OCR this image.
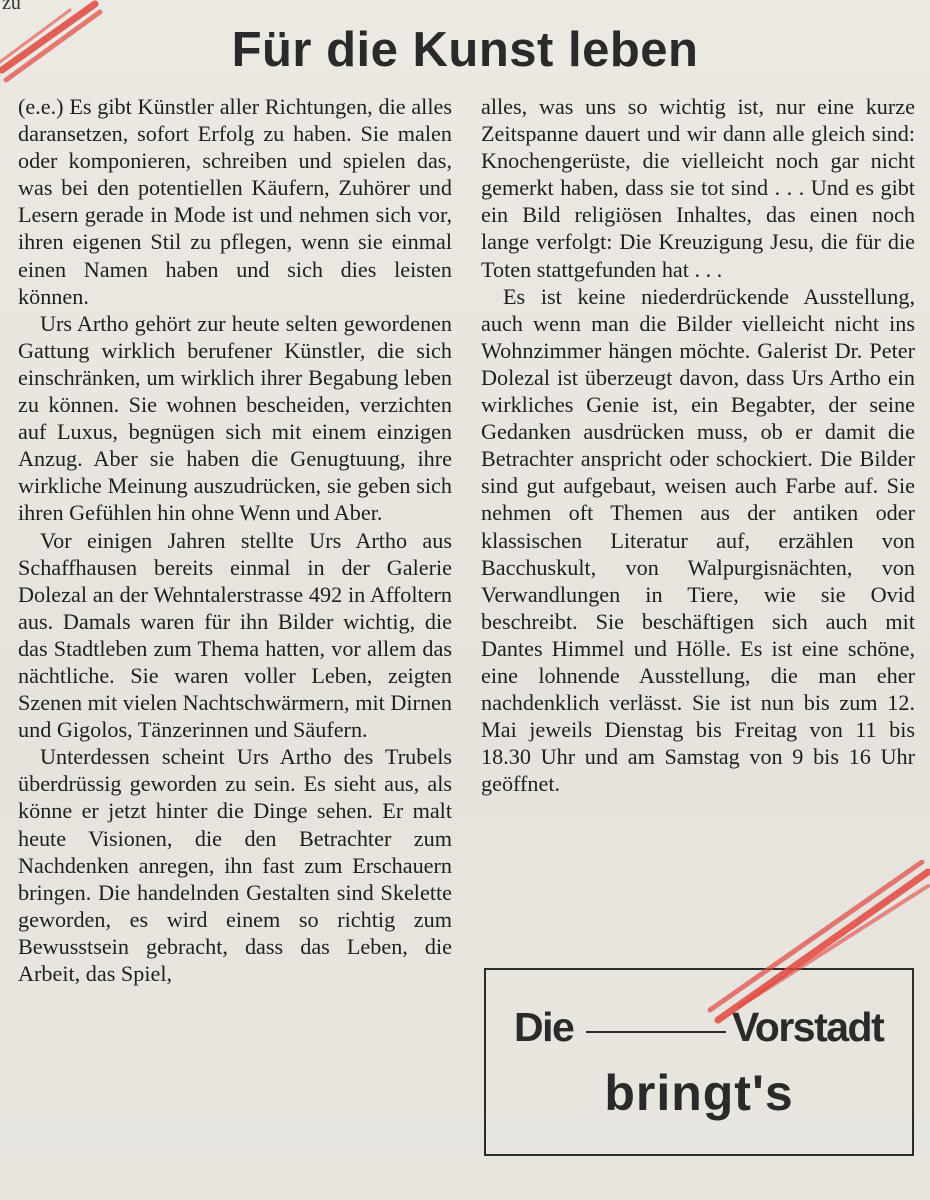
zu
Für die Kunst leben

(e.e.) Es gibt Künstler aller Richtungen, die alles daransetzen, sofort Erfolg zu haben. Sie malen oder komponieren, schreiben und spielen das, was bei den potentiellen Käufern, Zuhörer und Lesern gerade in Mode ist und nehmen sich vor, ihren eigenen Stil zu pflegen, wenn sie einmal einen Namen haben und sich dies leisten können.

Urs Artho gehört zur heute selten gewordenen Gattung wirklich berufener Künstler, die sich einschränken, um wirklich ihrer Begabung leben zu können. Sie wohnen bescheiden, verzichten auf Luxus, begnügen sich mit einem einzigen Anzug. Aber sie haben die Genugtuung, ihre wirkliche Meinung auszudrücken, sie geben sich ihren Gefühlen hin ohne Wenn und Aber.

Vor einigen Jahren stellte Urs Artho aus Schaffhausen bereits einmal in der Galerie Dolezal an der Wehntalerstrasse 492 in Affoltern aus. Damals waren für ihn Bilder wichtig, die das Stadtleben zum Thema hatten, vor allem das nächtliche. Sie waren voller Leben, zeigten Szenen mit vielen Nachtschwärmern, mit Dirnen und Gigolos, Tänzerinnen und Säufern.

Unterdessen scheint Urs Artho des Trubels überdrüssig geworden zu sein. Es sieht aus, als könne er jetzt hinter die Dinge sehen. Er malt heute Visionen, die den Betrachter zum Nachdenken anregen, ihn fast zum Erschauern bringen. Die handelnden Gestalten sind Skelette geworden, es wird einem so richtig zum Bewusstsein gebracht, dass das Leben, die Arbeit, das Spiel,

alles, was uns so wichtig ist, nur eine kurze Zeitspanne dauert und wir dann alle gleich sind: Knochengerüste, die vielleicht noch gar nicht gemerkt haben, dass sie tot sind . . . Und es gibt ein Bild religiösen Inhaltes, das einen noch lange verfolgt: Die Kreuzigung Jesu, die für die Toten stattgefunden hat . . .

Es ist keine niederdrückende Ausstellung, auch wenn man die Bilder vielleicht nicht ins Wohnzimmer hängen möchte. Galerist Dr. Peter Dolezal ist überzeugt davon, dass Urs Artho ein wirkliches Genie ist, ein Begabter, der seine Gedanken ausdrücken muss, ob er damit die Betrachter anspricht oder schockiert. Die Bilder sind gut aufgebaut, weisen auch Farbe auf. Sie nehmen oft Themen aus der antiken oder klassischen Literatur auf, erzählen von Bacchuskult, von Walpurgisnächten, von Verwandlungen in Tiere, wie sie Ovid beschreibt. Sie beschäftigen sich auch mit Dantes Himmel und Hölle. Es ist eine schöne, eine lohnende Ausstellung, die man eher nachdenklich verlässt. Sie ist nun bis zum 12. Mai jeweils Dienstag bis Freitag von 11 bis 18.30 Uhr und am Samstag von 9 bis 16 Uhr geöffnet.

Die	Vorstadt
bringt's
